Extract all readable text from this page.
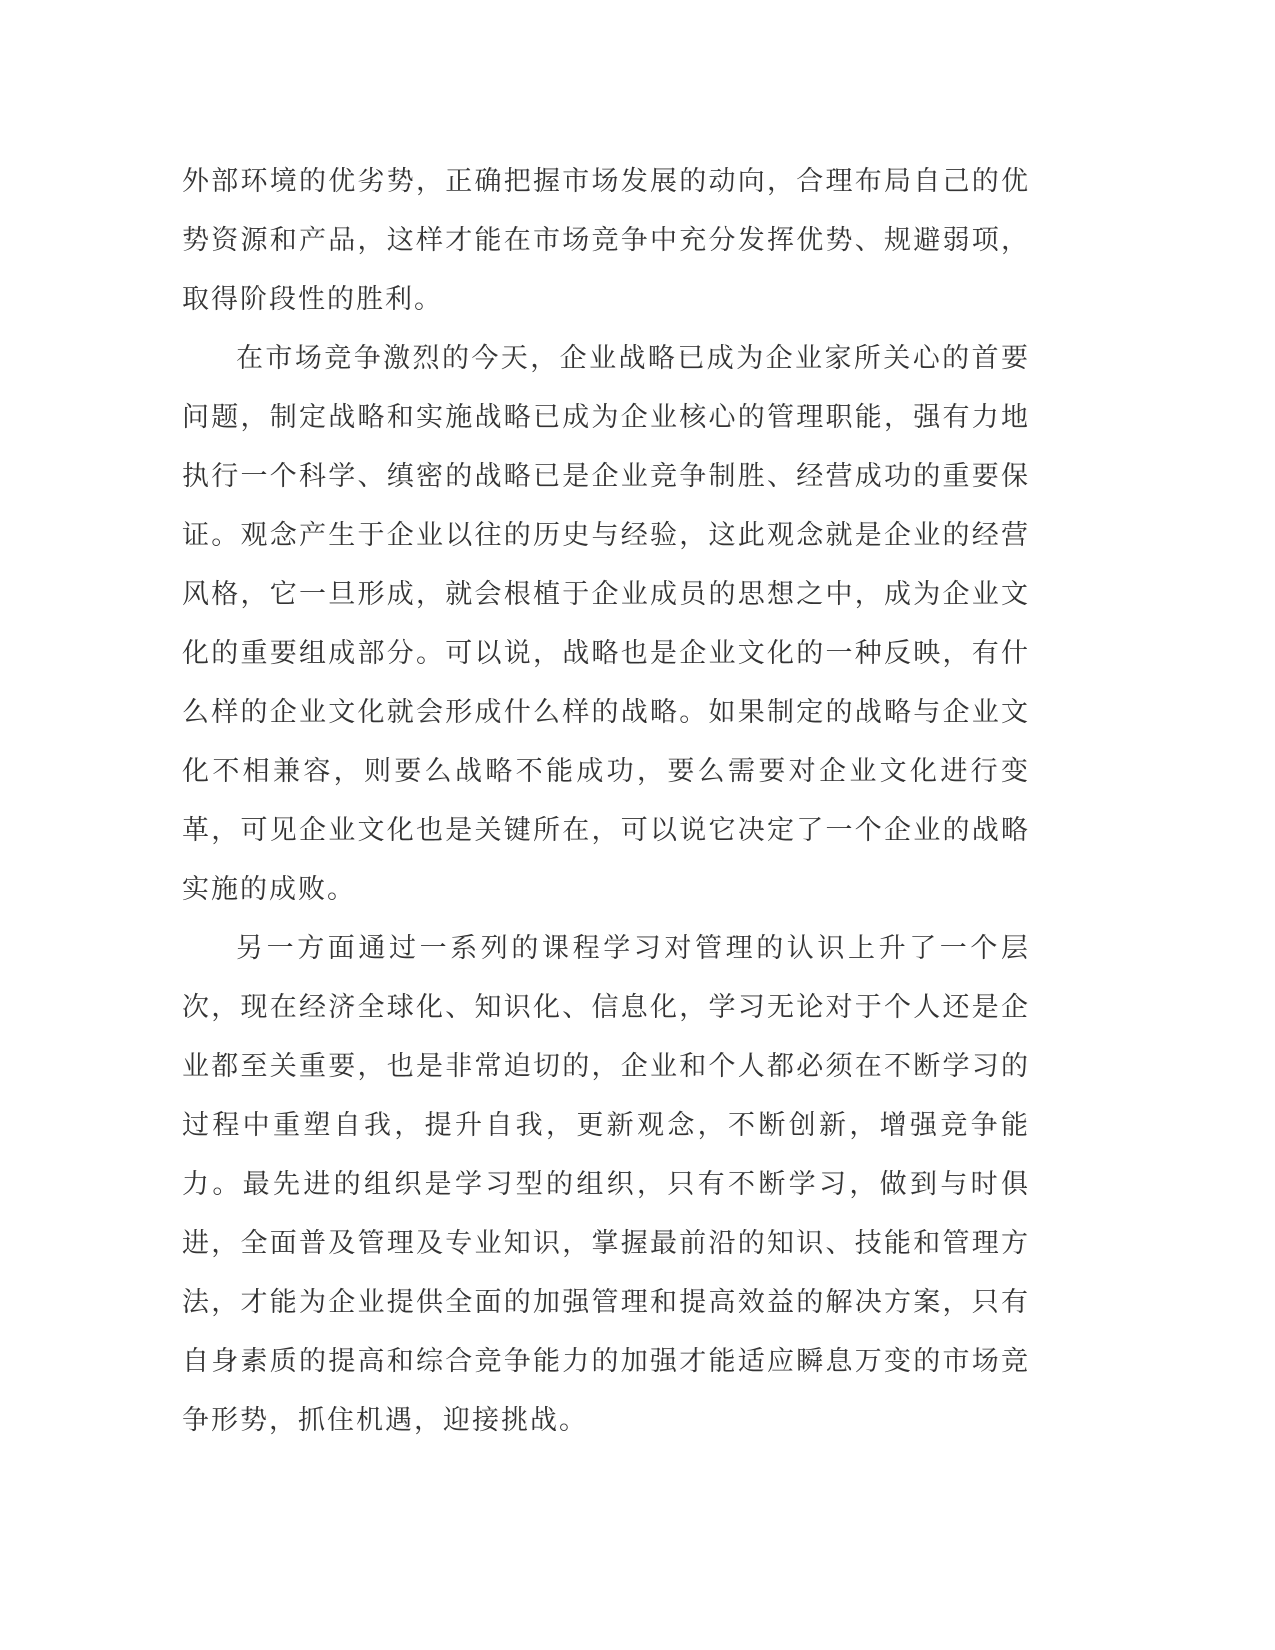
外部环境的优劣势，正确把握市场发展的动向，合理布局自己的优势资源和产品，这样才能在市场竞争中充分发挥优势、规避弱项，取得阶段性的胜利。

在市场竞争激烈的今天，企业战略已成为企业家所关心的首要问题，制定战略和实施战略已成为企业核心的管理职能，强有力地执行一个科学、缜密的战略已是企业竞争制胜、经营成功的重要保证。观念产生于企业以往的历史与经验，这此观念就是企业的经营风格，它一旦形成，就会根植于企业成员的思想之中，成为企业文化的重要组成部分。可以说，战略也是企业文化的一种反映，有什么样的企业文化就会形成什么样的战略。如果制定的战略与企业文化不相兼容，则要么战略不能成功，要么需要对企业文化进行变革，可见企业文化也是关键所在，可以说它决定了一个企业的战略实施的成败。

另一方面通过一系列的课程学习对管理的认识上升了一个层次，现在经济全球化、知识化、信息化，学习无论对于个人还是企业都至关重要，也是非常迫切的，企业和个人都必须在不断学习的过程中重塑自我，提升自我，更新观念，不断创新，增强竞争能力。最先进的组织是学习型的组织，只有不断学习，做到与时俱进，全面普及管理及专业知识，掌握最前沿的知识、技能和管理方法，才能为企业提供全面的加强管理和提高效益的解决方案，只有自身素质的提高和综合竞争能力的加强才能适应瞬息万变的市场竞争形势，抓住机遇，迎接挑战。
